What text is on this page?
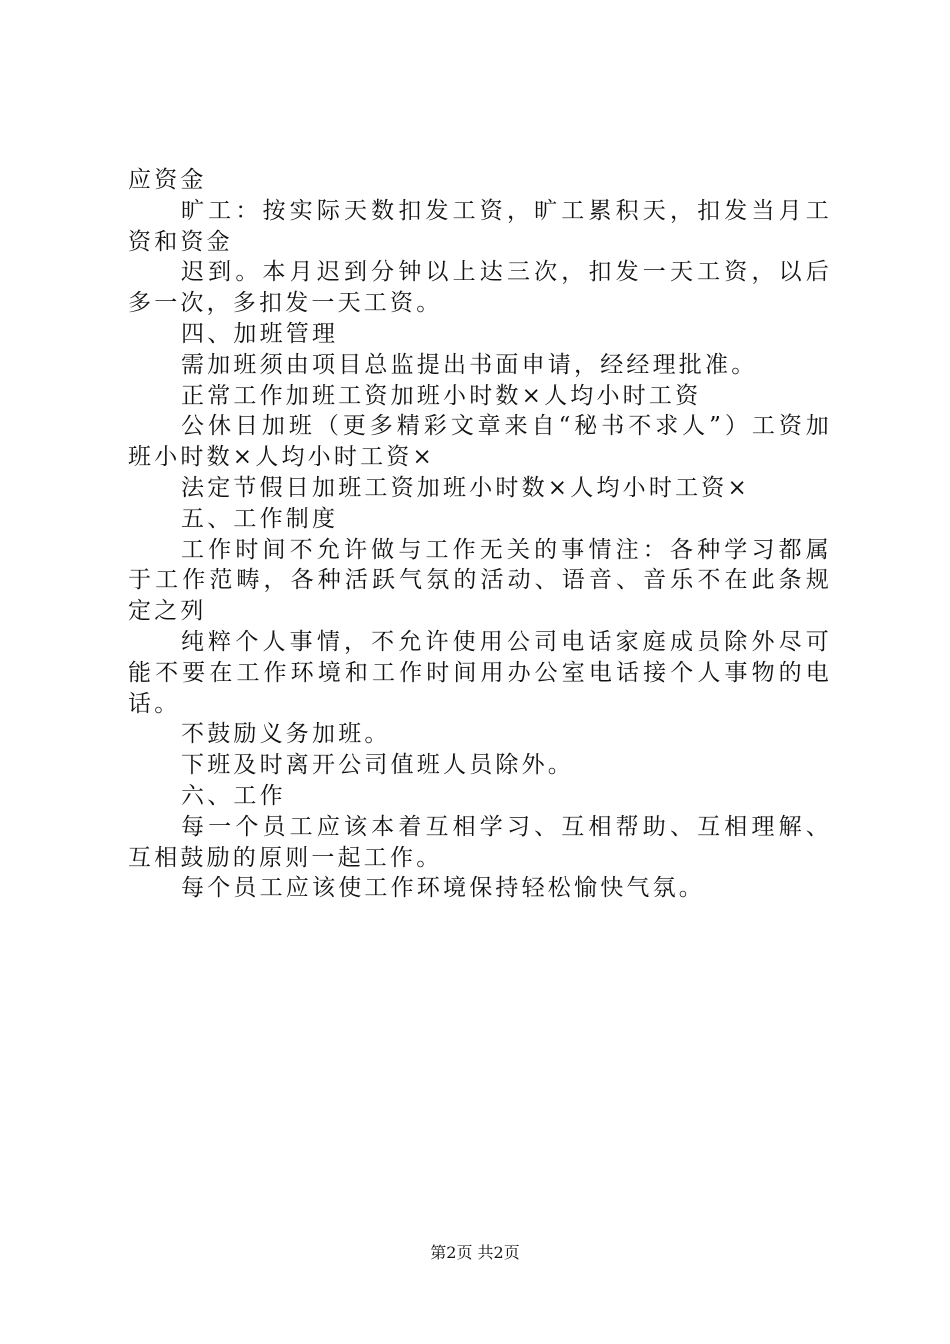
应资金

旷工：按实际天数扣发工资，旷工累积天，扣发当月工资和资金

迟到。本月迟到分钟以上达三次，扣发一天工资，以后多一次，多扣发一天工资。

四、加班管理

需加班须由项目总监提出书面申请，经经理批准。

正常工作加班工资加班小时数×人均小时工资

公休日加班（更多精彩文章来自“秘书不求人”）工资加班小时数×人均小时工资×

法定节假日加班工资加班小时数×人均小时工资×

五、工作制度

工作时间不允许做与工作无关的事情注：各种学习都属于工作范畴，各种活跃气氛的活动、语音、音乐不在此条规定之列

纯粹个人事情，不允许使用公司电话家庭成员除外尽可能不要在工作环境和工作时间用办公室电话接个人事物的电话。

不鼓励义务加班。

下班及时离开公司值班人员除外。

六、工作

每一个员工应该本着互相学习、互相帮助、互相理解、互相鼓励的原则一起工作。

每个员工应该使工作环境保持轻松愉快气氛。

第2页 共2页
